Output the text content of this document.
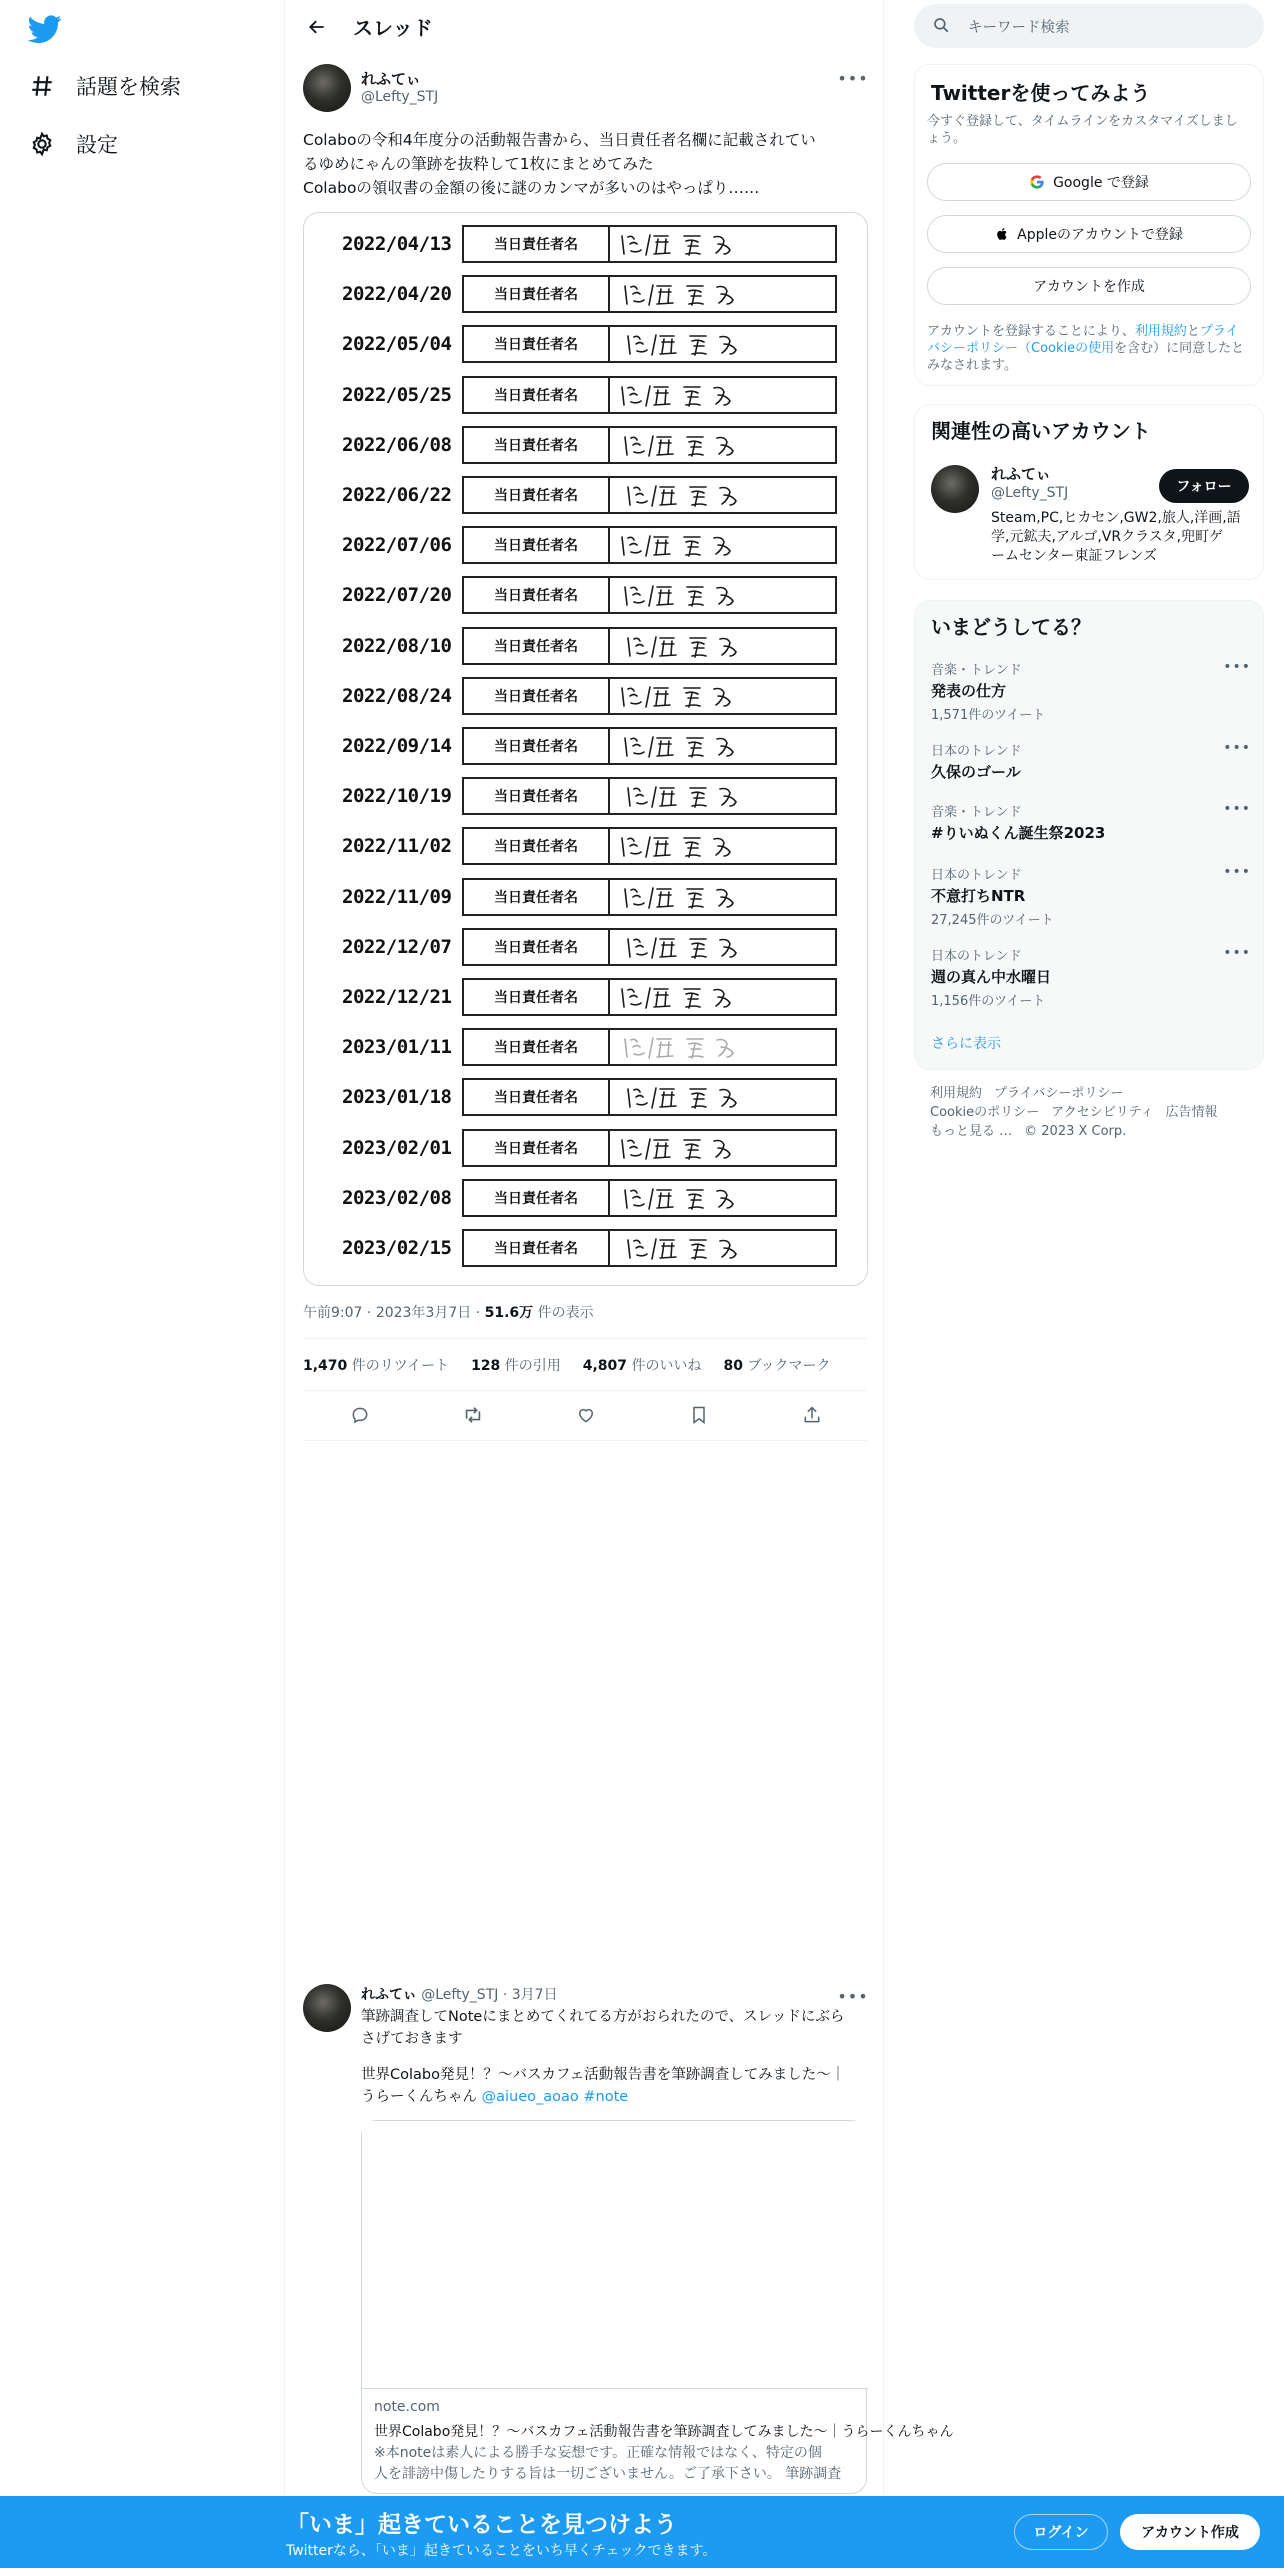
話題を検索
設定
スレッド
れふてぃ
@Lefty_STJ
•••
Colaboの令和4年度分の活動報告書から、当日責任者名欄に記載されてい
るゆめにゃんの筆跡を抜粋して1枚にまとめてみた
Colaboの領収書の金額の後に謎のカンマが多いのはやっぱり……
2022/04/13	当日責任者名
2022/04/20	当日責任者名
2022/05/04	当日責任者名
2022/05/25	当日責任者名
2022/06/08	当日責任者名
2022/06/22	当日責任者名
2022/07/06	当日責任者名
2022/07/20	当日責任者名
2022/08/10	当日責任者名
2022/08/24	当日責任者名
2022/09/14	当日責任者名
2022/10/19	当日責任者名
2022/11/02	当日責任者名
2022/11/09	当日責任者名
2022/12/07	当日責任者名
2022/12/21	当日責任者名
2023/01/11	当日責任者名
2023/01/18	当日責任者名
2023/02/01	当日責任者名
2023/02/08	当日責任者名
2023/02/15	当日責任者名
午前9:07 · 2023年3月7日 · 51.6万 件の表示
1,470 件のリツイート 128 件の引用 4,807 件のいいね 80 ブックマーク
れふてぃ @Lefty_STJ · 3月7日	•••
筆跡調査してNoteにまとめてくれてる方がおられたので、スレッドにぶら
さげておきます
世界Colabo発見！？～バスカフェ活動報告書を筆跡調査してみました～｜
うらーくんちゃん @aiueo_aoao #note
note.com
世界Colabo発見！？～バスカフェ活動報告書を筆跡調査してみました～｜うらーくんちゃん
※本noteは素人による勝手な妄想です。正確な情報ではなく、特定の個
人を誹謗中傷したりする旨は一切ございません。ご了承下さい。 筆跡調査
キーワード検索
Twitterを使ってみよう
今すぐ登録して、タイムラインをカスタマイズしまし
ょう。
Google で登録
Appleのアカウントで登録
アカウントを作成
アカウントを登録することにより、利用規約とプライ
バシーポリシー（Cookieの使用を含む）に同意したと
みなされます。
関連性の高いアカウント
れふてぃ
@Lefty_STJ	フォロー
Steam,PC,ヒカセン,GW2,旅人,洋画,語
学,元鉱夫,アルゴ,VRクラスタ,兜町ゲ
ームセンター東証フレンズ
いまどうしてる？
音楽・トレンド
発表の仕方
1,571件のツイート
•••
日本のトレンド
久保のゴール
•••
音楽・トレンド
#りいぬくん誕生祭2023
•••
日本のトレンド
不意打ちNTR
27,245件のツイート
•••
日本のトレンド
週の真ん中水曜日
1,156件のツイート
•••
さらに表示
利用規約 プライバシーポリシー
Cookieのポリシー アクセシビリティ 広告情報
もっと見る … © 2023 X Corp.
「いま」起きていることを見つけよう
Twitterなら、「いま」起きていることをいち早くチェックできます。
ログイン	アカウント作成
